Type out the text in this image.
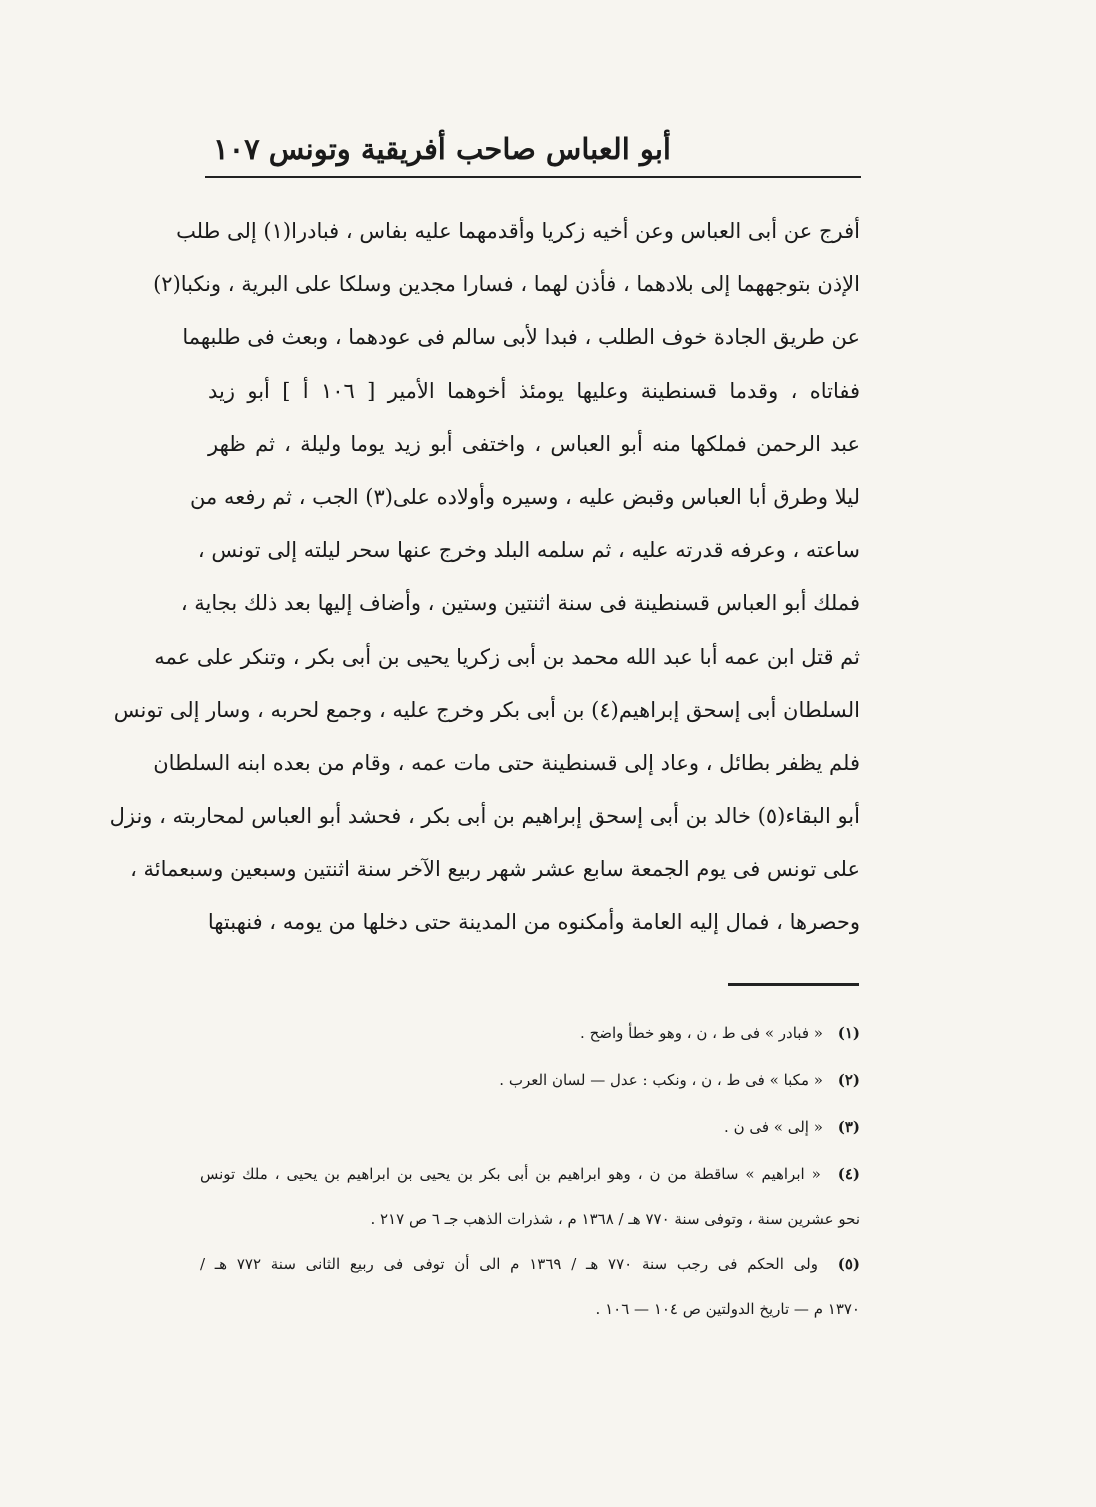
أبو العباس صاحب أفريقية وتونس
١٠٧
أفرج عن أبى العباس وعن أخيه زكريا وأقدمهما عليه بفاس ، فبادرا(١) إلى طلب
الإذن بتوجههما إلى بلادهما ، فأذن لهما ، فسارا مجدين وسلكا على البرية ، ونكبا(٢)
عن طريق الجادة خوف الطلب ، فبدا لأبى سالم فى عودهما ، وبعث فى طلبهما
ففاتاه ، وقدما قسنطينة وعليها يومئذ أخوهما الأمير [ ١٠٦ أ ] أبو زيد
عبد الرحمن فملكها منه أبو العباس ، واختفى أبو زيد يوما وليلة ، ثم ظهر
ليلا وطرق أبا العباس وقبض عليه ، وسيره وأولاده على(٣) الجب ، ثم رفعه من
ساعته ، وعرفه قدرته عليه ، ثم سلمه البلد وخرج عنها سحر ليلته إلى تونس ،
فملك أبو العباس قسنطينة فى سنة اثنتين وستين ، وأضاف إليها بعد ذلك بجاية ،
ثم قتل ابن عمه أبا عبد الله محمد بن أبى زكريا يحيى بن أبى بكر ، وتنكر على عمه
السلطان أبى إسحق إبراهيم(٤) بن أبى بكر وخرج عليه ، وجمع لحربه ، وسار إلى تونس
فلم يظفر بطائل ، وعاد إلى قسنطينة حتى مات عمه ، وقام من بعده ابنه السلطان
أبو البقاء(٥) خالد بن أبى إسحق إبراهيم بن أبى بكر ، فحشد أبو العباس لمحاربته ، ونزل
على تونس فى يوم الجمعة سابع عشر شهر ربيع الآخر سنة اثنتين وسبعين وسبعمائة ،
وحصرها ، فمال إليه العامة وأمكنوه من المدينة حتى دخلها من يومه ، فنهبتها
(١) « فبادر » فى ط ، ن ، وهو خطأ واضح .
(٢) « مكبا » فى ط ، ن ، ونكب : عدل — لسان العرب .
(٣) « إلى » فى ن .
(٤) « ابراهيم » ساقطة من ن ، وهو ابراهيم بن أبى بكر بن يحيى بن ابراهيم بن يحيى ، ملك تونس
نحو عشرين سنة ، وتوفى سنة ٧٧٠ هـ / ١٣٦٨ م ، شذرات الذهب جـ ٦ ص ٢١٧ .
(٥) ولى الحكم فى رجب سنة ٧٧٠ هـ / ١٣٦٩ م الى أن توفى فى ربيع الثانى سنة ٧٧٢ هـ /
١٣٧٠ م — تاريخ الدولتين ص ١٠٤ — ١٠٦ .
